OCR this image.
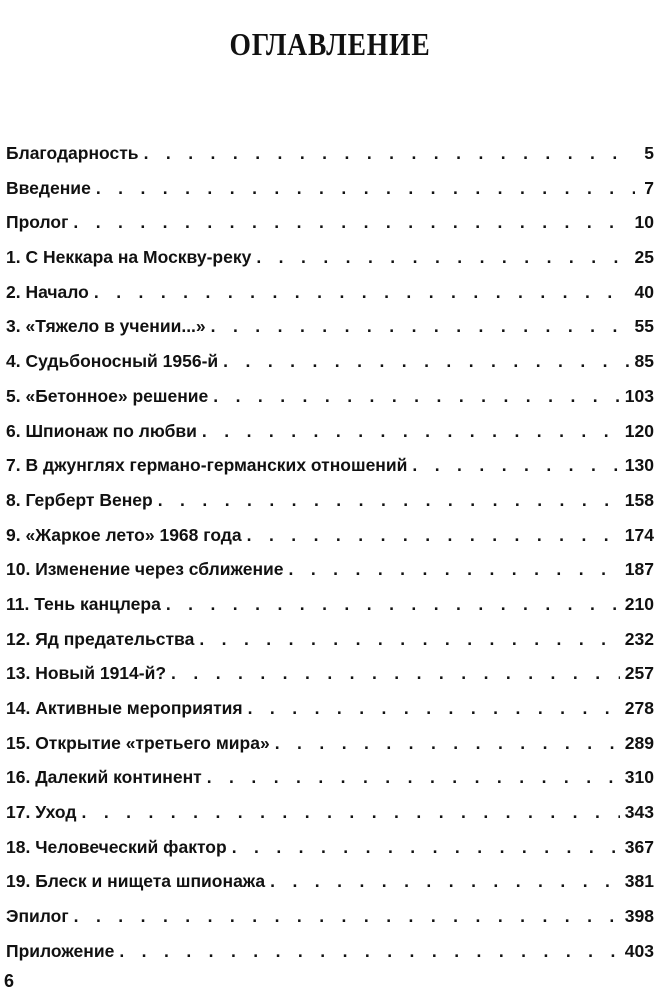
ОГЛАВЛЕНИЕ
Благодарность . . .	5
Введение . . .	7
Пролог . . .	10
1. С Неккара на Москву-реку . . .	25
2. Начало . . .	40
3. «Тяжело в учении...» . . .	55
4. Судьбоносный 1956-й . . .	85
5. «Бетонное» решение . . .	103
6. Шпионаж по любви . . .	120
7. В джунглях германо-германских отношений . . .	130
8. Герберт Венер . . .	158
9. «Жаркое лето» 1968 года . . .	174
10. Изменение через сближение . . .	187
11. Тень канцлера . . .	210
12. Яд предательства . . .	232
13. Новый 1914-й? . . .	257
14. Активные мероприятия . . .	278
15. Открытие «третьего мира» . . .	289
16. Далекий континент . . .	310
17. Уход . . .	343
18. Человеческий фактор . . .	367
19. Блеск и нищета шпионажа . . .	381
Эпилог . . .	398
Приложение . . .	403
6
